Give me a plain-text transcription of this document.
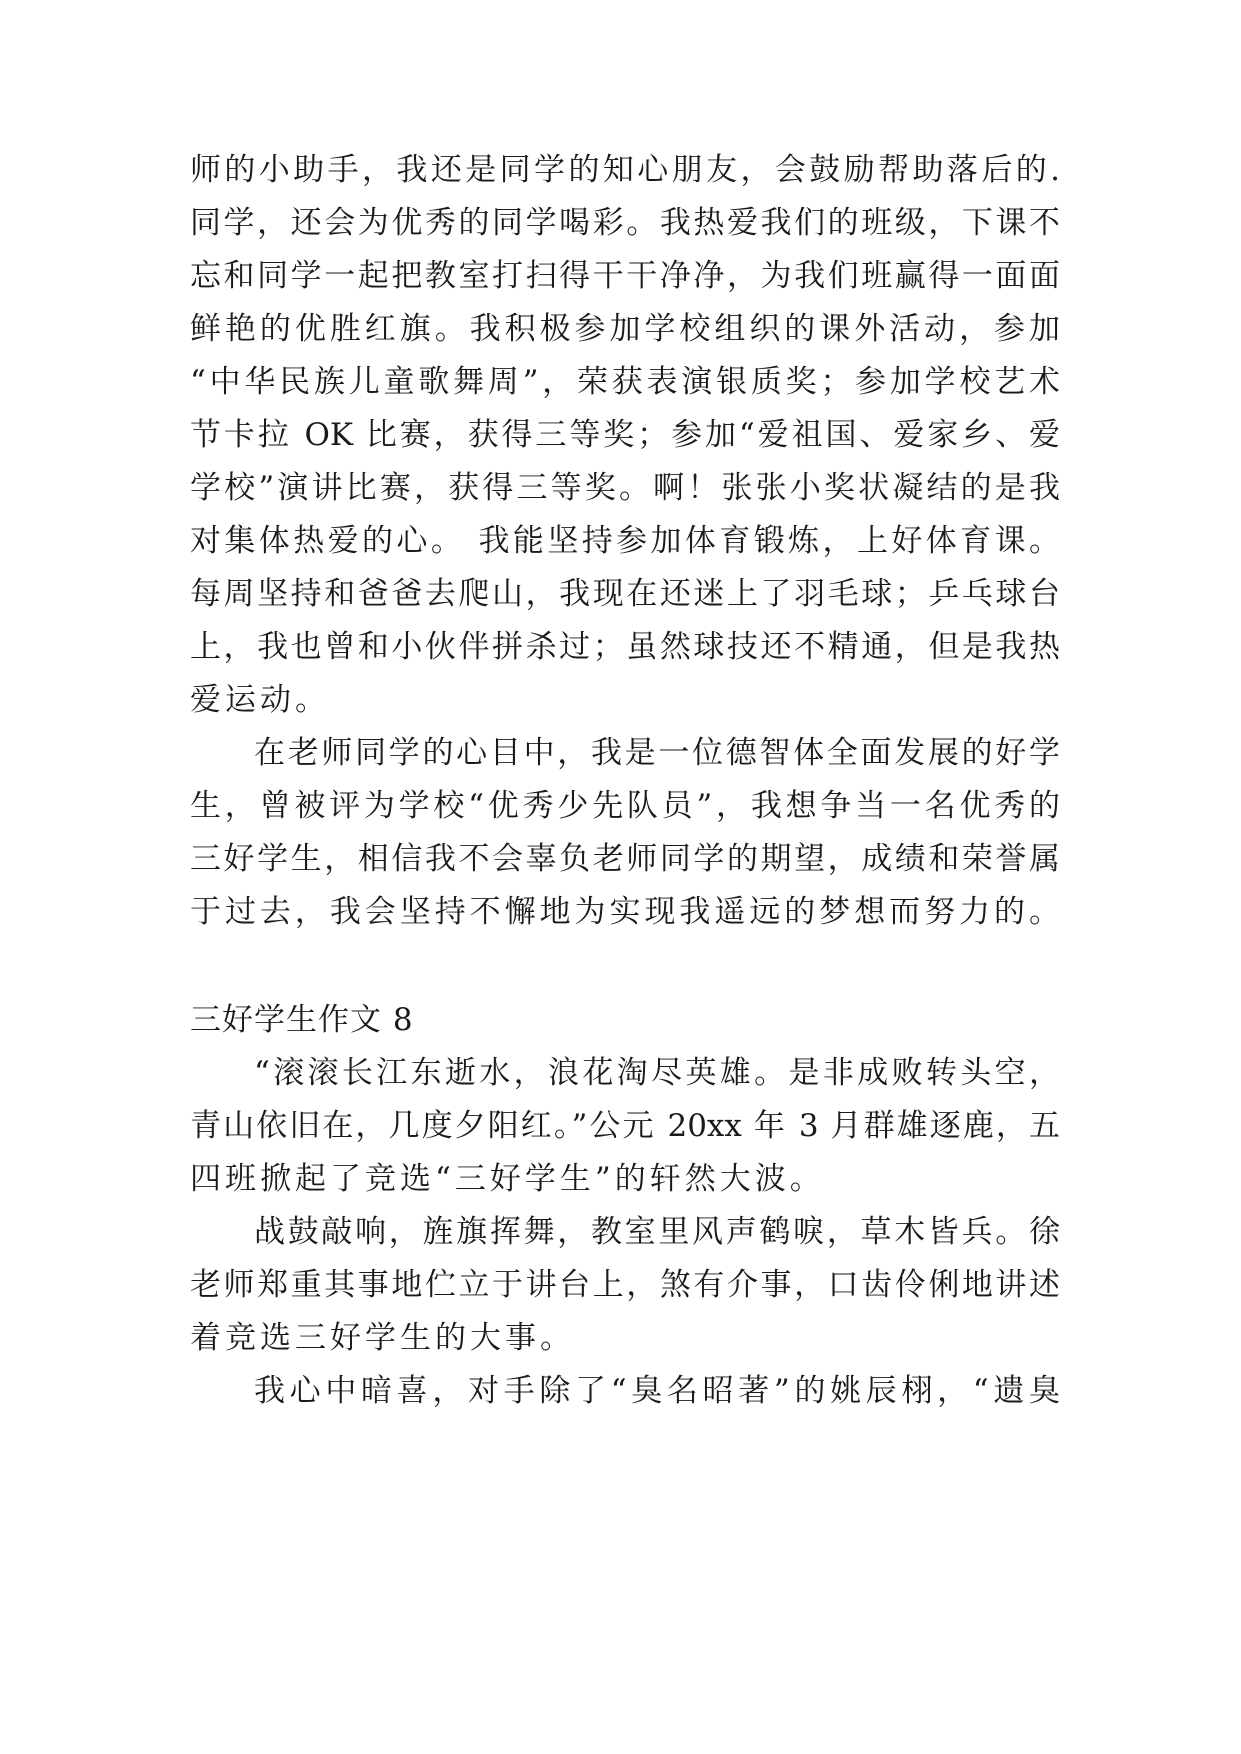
师的小助手，我还是同学的知心朋友，会鼓励帮助落后的.
同学，还会为优秀的同学喝彩。我热爱我们的班级，下课不
忘和同学一起把教室打扫得干干净净，为我们班赢得一面面
鲜艳的优胜红旗。我积极参加学校组织的课外活动，参加
“中华民族儿童歌舞周”，荣获表演银质奖；参加学校艺术
节卡拉 OK 比赛，获得三等奖；参加“爱祖国、爱家乡、爱
学校”演讲比赛，获得三等奖。啊！张张小奖状凝结的是我
对集体热爱的心。 我能坚持参加体育锻炼，上好体育课。
每周坚持和爸爸去爬山，我现在还迷上了羽毛球；乒乓球台
上，我也曾和小伙伴拼杀过；虽然球技还不精通，但是我热
爱运动。
在老师同学的心目中，我是一位德智体全面发展的好学
生，曾被评为学校“优秀少先队员”，我想争当一名优秀的
三好学生，相信我不会辜负老师同学的期望，成绩和荣誉属
于过去，我会坚持不懈地为实现我遥远的梦想而努力的。
三好学生作文 8
“滚滚长江东逝水，浪花淘尽英雄。是非成败转头空，
青山依旧在，几度夕阳红。”公元 20xx 年 3 月群雄逐鹿，五
四班掀起了竞选“三好学生”的轩然大波。
战鼓敲响，旌旗挥舞，教室里风声鹤唳，草木皆兵。徐
老师郑重其事地伫立于讲台上，煞有介事，口齿伶俐地讲述
着竞选三好学生的大事。
我心中暗喜，对手除了“臭名昭著”的姚辰栩，“遗臭
